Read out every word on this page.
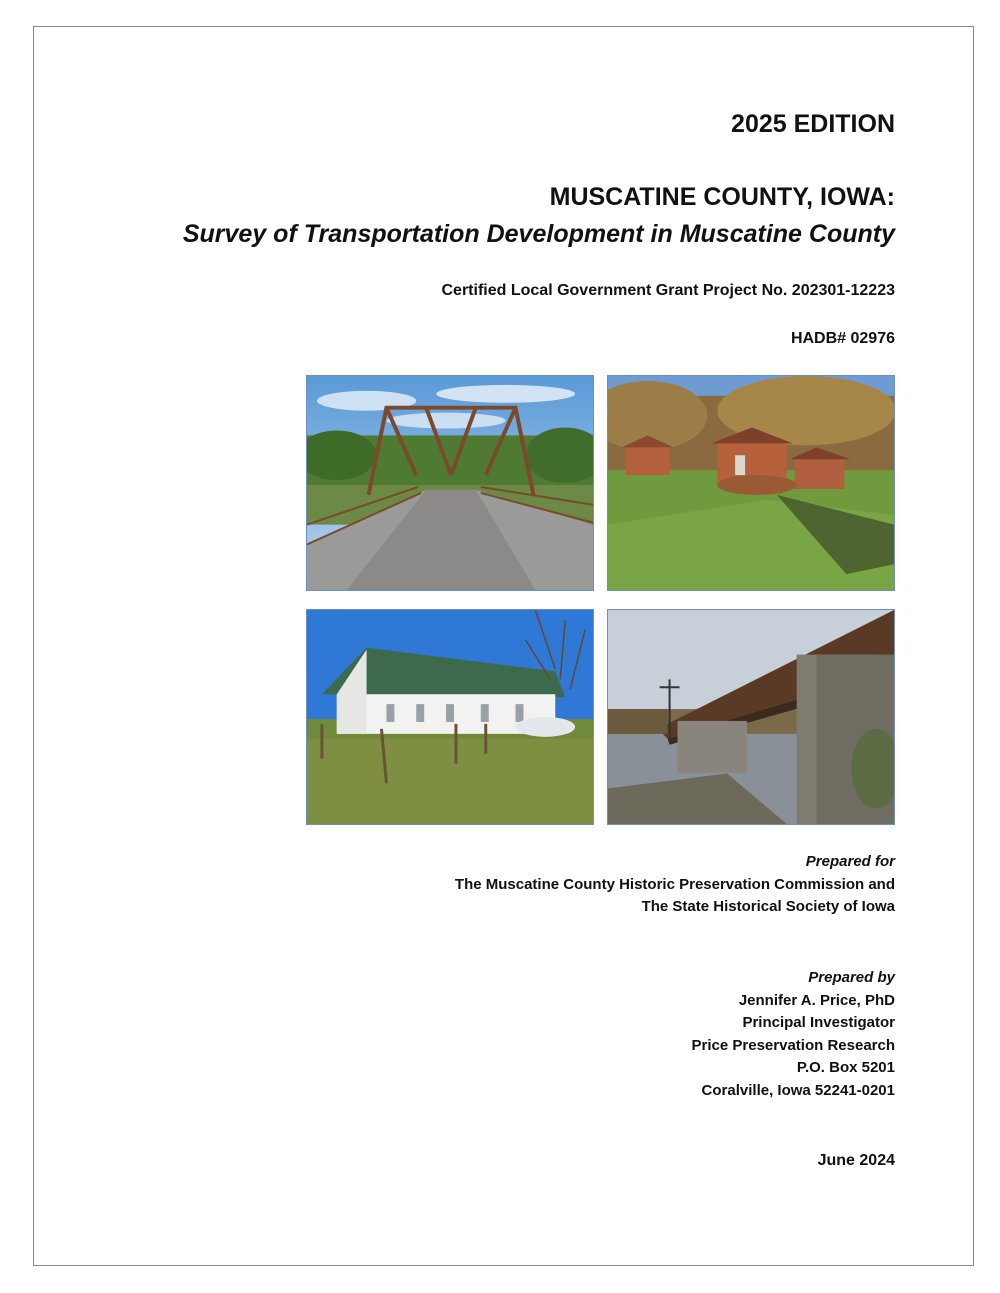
2025 EDITION
MUSCATINE COUNTY, IOWA:
Survey of Transportation Development in Muscatine County
Certified Local Government Grant Project No. 202301-12223
HADB# 02976
Prepared for
The Muscatine County Historic Preservation Commission and
The State Historical Society of Iowa
Prepared by
Jennifer A. Price, PhD
Principal Investigator
Price Preservation Research
P.O. Box 5201
Coralville, Iowa 52241-0201
June 2024
